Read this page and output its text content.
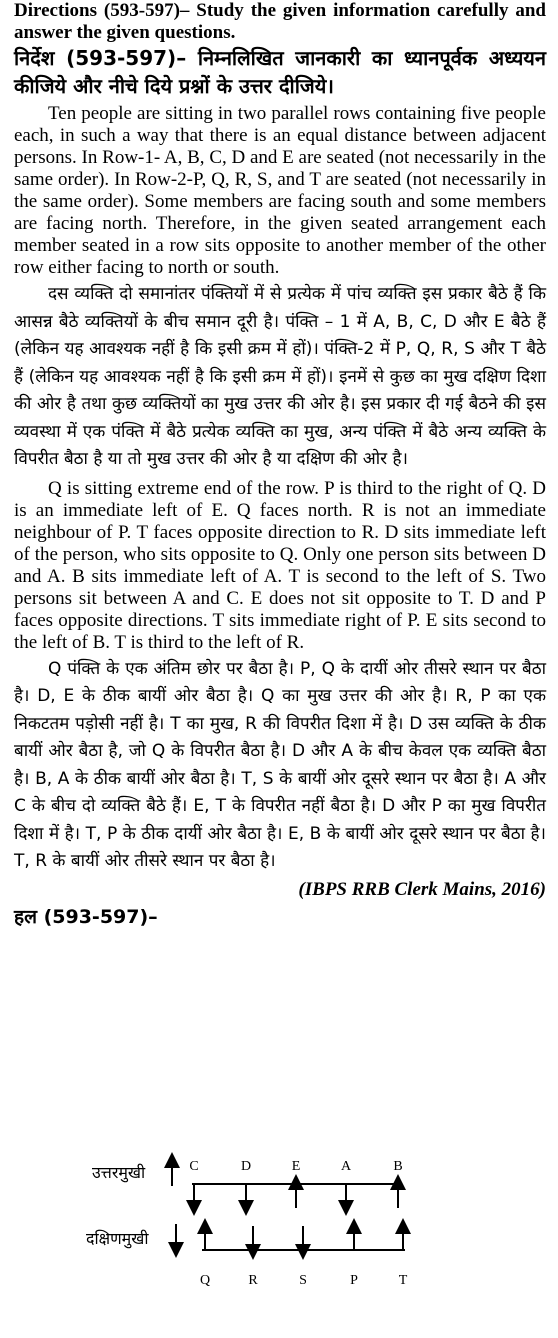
Directions (593-597)– Study the given information carefully and answer the given questions.

निर्देश (593-597)– निम्नलिखित जानकारी का ध्यानपूर्वक अध्ययन कीजिये और नीचे दिये प्रश्नों के उत्तर दीजिये।

Ten people are sitting in two parallel rows containing five people each, in such a way that there is an equal distance between adjacent persons. In Row-1- A, B, C, D and E are seated (not necessarily in the same order). In Row-2-P, Q, R, S, and T are seated (not necessarily in the same order). Some members are facing south and some members are facing north. Therefore, in the given seated arrangement each member seated in a row sits opposite to another member of the other row either facing to north or south.

दस व्यक्ति दो समानांतर पंक्तियों में से प्रत्येक में पांच व्यक्ति इस प्रकार बैठे हैं कि आसन्न बैठे व्यक्तियों के बीच समान दूरी है। पंक्ति – 1 में A, B, C, D और E बैठे हैं (लेकिन यह आवश्यक नहीं है कि इसी क्रम में हों)। पंक्ति-2 में P, Q, R, S और T बैठे हैं (लेकिन यह आवश्यक नहीं है कि इसी क्रम में हों)। इनमें से कुछ का मुख दक्षिण दिशा की ओर है तथा कुछ व्यक्तियों का मुख उत्तर की ओर है। इस प्रकार दी गई बैठने की इस व्यवस्था में एक पंक्ति में बैठे प्रत्येक व्यक्ति का मुख, अन्य पंक्ति में बैठे अन्य व्यक्ति के विपरीत बैठा है या तो मुख उत्तर की ओर है या दक्षिण की ओर है।

Q is sitting extreme end of the row. P is third to the right of Q. D is an immediate left of E. Q faces north. R is not an immediate neighbour of P. T faces opposite direction to R. D sits immediate left of the person, who sits opposite to Q. Only one person sits between D and A. B sits immediate left of A. T is second to the left of S. Two persons sit between A and C. E does not sit opposite to T. D and P faces opposite directions. T sits immediate right of P. E sits second to the left of B. T is third to the left of R.

Q पंक्ति के एक अंतिम छोर पर बैठा है। P, Q के दायीं ओर तीसरे स्थान पर बैठा है। D, E के ठीक बायीं ओर बैठा है। Q का मुख उत्तर की ओर है। R, P का एक निकटतम पड़ोसी नहीं है। T का मुख, R की विपरीत दिशा में है। D उस व्यक्ति के ठीक बायीं ओर बैठा है, जो Q के विपरीत बैठा है। D और A के बीच केवल एक व्यक्ति बैठा है। B, A के ठीक बायीं ओर बैठा है। T, S के बायीं ओर दूसरे स्थान पर बैठा है। A और C के बीच दो व्यक्ति बैठे हैं। E, T के विपरीत नहीं बैठा है। D और P का मुख विपरीत दिशा में है। T, P के ठीक दायीं ओर बैठा है। E, B के बायीं ओर दूसरे स्थान पर बैठा है। T, R के बायीं ओर तीसरे स्थान पर बैठा है।

(IBPS RRB Clerk Mains, 2016)

हल (593-597)–

उत्तरमुखी
दक्षिणमुखी
C	D	E	A	B
Q	R	S	P	T
